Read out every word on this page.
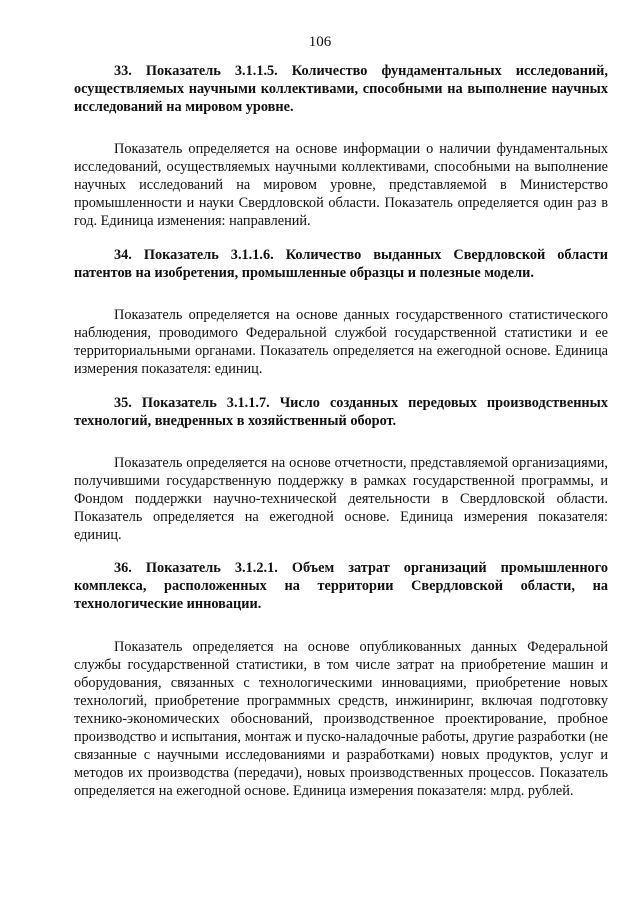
106

33. Показатель 3.1.1.5. Количество фундаментальных исследований, осуществляемых научными коллективами, способными на выполнение научных исследований на мировом уровне.

Показатель определяется на основе информации о наличии фундаментальных исследований, осуществляемых научными коллективами, способными на выполнение научных исследований на мировом уровне, представляемой в Министерство промышленности и науки Свердловской области. Показатель определяется один раз в год. Единица изменения: направлений.

34. Показатель 3.1.1.6. Количество выданных Свердловской области патентов на изобретения, промышленные образцы и полезные модели.

Показатель определяется на основе данных государственного статистического наблюдения, проводимого Федеральной службой государственной статистики и ее территориальными органами. Показатель определяется на ежегодной основе. Единица измерения показателя: единиц.

35. Показатель 3.1.1.7. Число созданных передовых производственных технологий, внедренных в хозяйственный оборот.

Показатель определяется на основе отчетности, представляемой организациями, получившими государственную поддержку в рамках государственной программы, и Фондом поддержки научно-технической деятельности в Свердловской области. Показатель определяется на ежегодной основе. Единица измерения показателя: единиц.

36. Показатель 3.1.2.1. Объем затрат организаций промышленного комплекса, расположенных на территории Свердловской области, на технологические инновации.

Показатель определяется на основе опубликованных данных Федеральной службы государственной статистики, в том числе затрат на приобретение машин и оборудования, связанных с технологическими инновациями, приобретение новых технологий, приобретение программных средств, инжиниринг, включая подготовку технико-экономических обоснований, производственное проектирование, пробное производство и испытания, монтаж и пуско-наладочные работы, другие разработки (не связанные с научными исследованиями и разработками) новых продуктов, услуг и методов их производства (передачи), новых производственных процессов. Показатель определяется на ежегодной основе. Единица измерения показателя: млрд. рублей.
